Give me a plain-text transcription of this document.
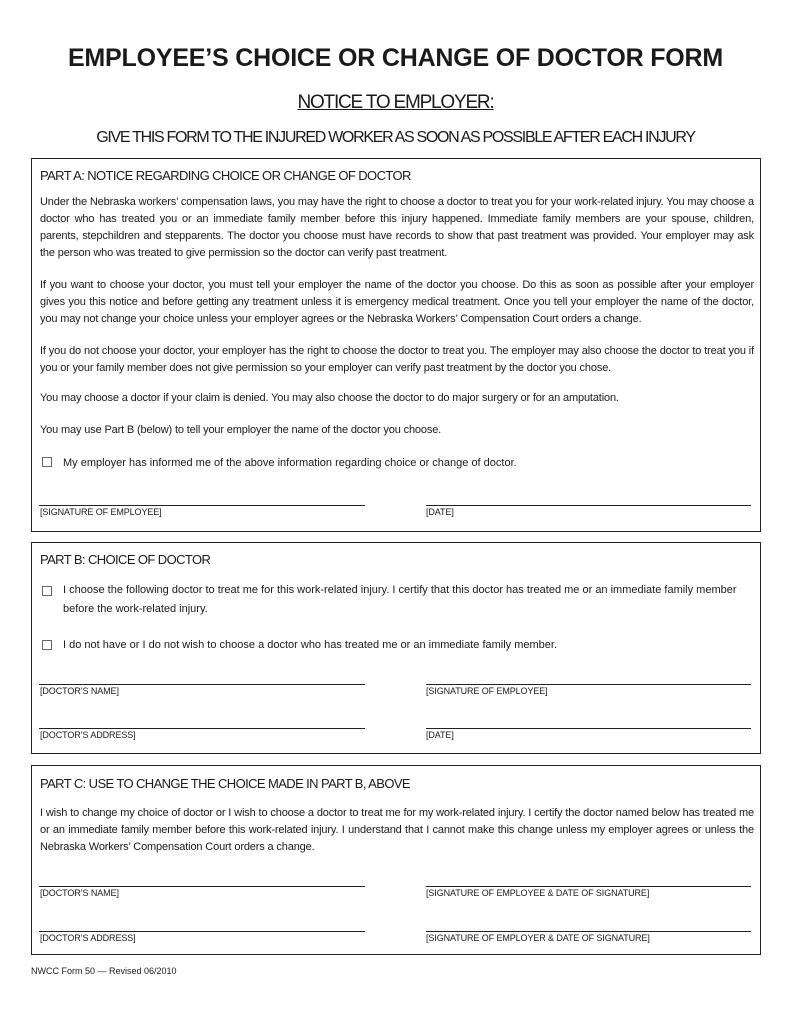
EMPLOYEE’S CHOICE OR CHANGE OF DOCTOR FORM
NOTICE TO EMPLOYER:
GIVE THIS FORM TO THE INJURED WORKER AS SOON AS POSSIBLE AFTER EACH INJURY
PART A: NOTICE REGARDING CHOICE OR CHANGE OF DOCTOR

Under the Nebraska workers’ compensation laws, you may have the right to choose a doctor to treat you for your work-related injury. You may choose a doctor who has treated you or an immediate family member before this injury happened. Immediate family members are your spouse, children, parents, stepchildren and stepparents. The doctor you choose must have records to show that past treatment was provided. Your employer may ask the person who was treated to give permission so the doctor can verify past treatment.

If you want to choose your doctor, you must tell your employer the name of the doctor you choose. Do this as soon as possible after your employer gives you this notice and before getting any treatment unless it is emergency medical treatment. Once you tell your employer the name of the doctor, you may not change your choice unless your employer agrees or the Nebraska Workers’ Compensation Court orders a change.

If you do not choose your doctor, your employer has the right to choose the doctor to treat you. The employer may also choose the doctor to treat you if you or your family member does not give permission so your employer can verify past treatment by the doctor you chose.

You may choose a doctor if your claim is denied. You may also choose the doctor to do major surgery or for an amputation.

You may use Part B (below) to tell your employer the name of the doctor you choose.

My employer has informed me of the above information regarding choice or change of doctor.
[SIGNATURE OF EMPLOYEE]	[DATE]
PART B: CHOICE OF DOCTOR
I choose the following doctor to treat me for this work-related injury. I certify that this doctor has treated me or an immediate family member before the work-related injury.
I do not have or I do not wish to choose a doctor who has treated me or an immediate family member.
[DOCTOR’S NAME]	[SIGNATURE OF EMPLOYEE]
[DOCTOR’S ADDRESS]	[DATE]
PART C: USE TO CHANGE THE CHOICE MADE IN PART B, ABOVE

I wish to change my choice of doctor or I wish to choose a doctor to treat me for my work-related injury. I certify the doctor named below has treated me or an immediate family member before this work-related injury. I understand that I cannot make this change unless my employer agrees or unless the Nebraska Workers’ Compensation Court orders a change.

[DOCTOR’S NAME]	[SIGNATURE OF EMPLOYEE & DATE OF SIGNATURE]
[DOCTOR’S ADDRESS]	[SIGNATURE OF EMPLOYER & DATE OF SIGNATURE]
NWCC Form 50 — Revised 06/2010
